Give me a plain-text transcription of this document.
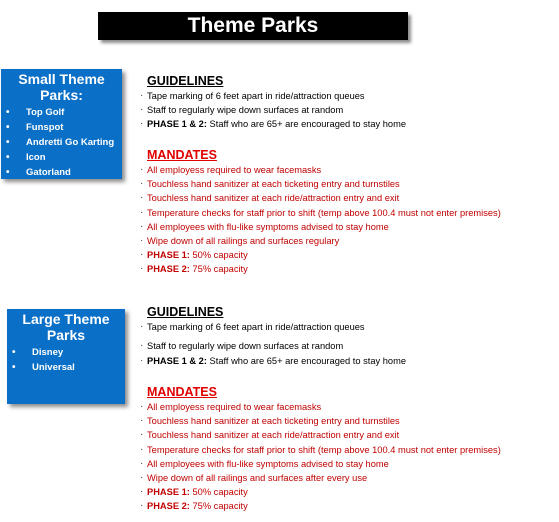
Theme Parks
Small Theme Parks:
• Top Golf
• Funspot
• Andretti Go Karting
• Icon
• Gatorland
GUIDELINES
· Tape marking of 6 feet apart in ride/attraction queues
· Staff to regularly wipe down surfaces at random
· PHASE 1 & 2: Staff who are 65+ are encouraged to stay home
MANDATES
· All employess required to wear facemasks
· Touchless hand sanitizer at each ticketing entry and turnstiles
· Touchless hand sanitizer at each ride/attraction entry and exit
· Temperature checks for staff prior to shift (temp above 100.4 must not enter premises)
· All employees with flu-like symptoms advised to stay home
· Wipe down of all railings and surfaces regulary
· PHASE 1: 50% capacity
· PHASE 2: 75% capacity
Large Theme Parks
• Disney
• Universal
GUIDELINES
· Tape marking of 6 feet apart in ride/attraction queues
· Staff to regularly wipe down surfaces at random
· PHASE 1 & 2: Staff who are 65+ are encouraged to stay home
MANDATES
· All employess required to wear facemasks
· Touchless hand sanitizer at each ticketing entry and turnstiles
· Touchless hand sanitizer at each ride/attraction entry and exit
· Temperature checks for staff prior to shift (temp above 100.4 must not enter premises)
· All employees with flu-like symptoms advised to stay home
· Wipe down of all railings and surfaces after every use
· PHASE 1: 50% capacity
· PHASE 2: 75% capacity
